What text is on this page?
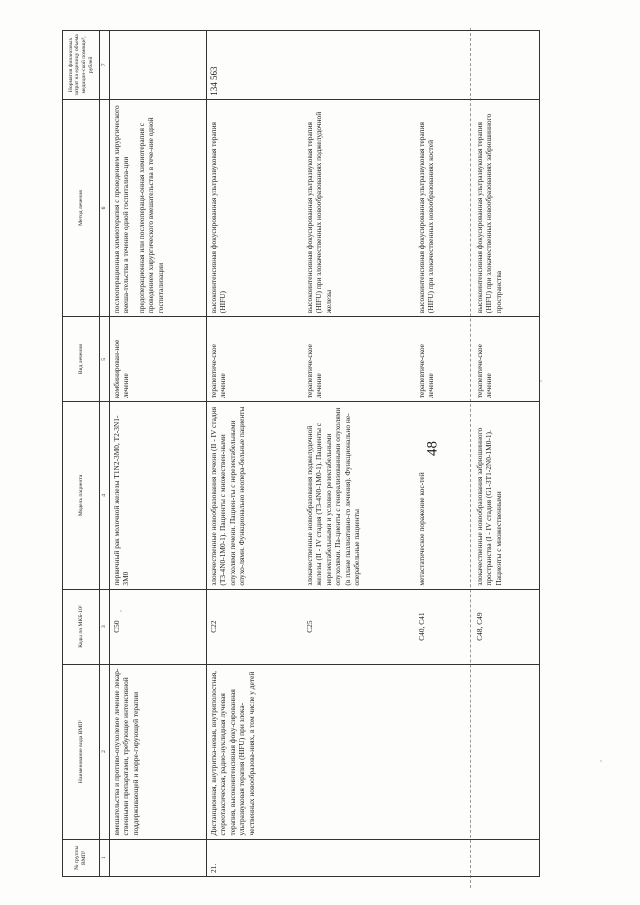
48
№ группы ВМП¹	Наименование вида ВМП¹	Коды по МКБ-10²	Модель пациента	Вид лечения	Метод лечения	Норматив финансовых затрат на единицу объема медицин-ской помощи³, рублей
1	2	3	4	5	6	7
	вмешательства и противо-опухолевое лечение лекар-ственными препаратами, требующее интенсивной поддерживающей и корре-гирующей терапии	C50	первичный рак молочной железы T1N2-3M0, T2-3N1-3M0	комбинирован-ное лечение	послеоперационная химиотерапия с проведением хирургического вмеша-тельства в течение одной госпитализа-ции предоперационная или послеопераци-онная химиотерапия с проведением хирургического вмешательства в тече-ние одной госпитализации	

21.	Дистанционная, внутритка-невая, внутриполостная, стереотаксическая, радио-нуклидная лучевая терапия, высокоинтенсивная фоку-сированная ультразвуковая терапия (HIFU) при злока-чественных новообразова-ниях, в том числе у детей	C22	злокачественные новообразования печени (II - IV стадия (T3-4N0-1M0-1). Пациенты с множествен-ными опухолями печени. Пациен-ты с нерезектабельными опухо-лями. Функционально неопера-бельные пациенты	терапевтиче-ское лечение	высокоинтенсивная фокусированная ультразвуковая терапия (HIFU)	134 563
		C25	злокачественные новообразования поджелудочной железы (II - IV стадия (T3-4N0-1M0-1). Пациенты с нерезектабельными и условно резектабельными опухолями. Па-циенты с генерализованными опухолями (в плане паллиативно-го лечения). Функционально не-операбельные пациенты	терапевтиче-ское лечение	высокоинтенсивная фокусированная ультразвуковая терапия (HIFU) при злокачественных новообразованиях поджелудочной железы	

		C40, C41	метастатическое поражение кос-тей	терапевтиче-ское лечение	высокоинтенсивная фокусированная ультразвуковая терапия (HIFU) при злокачественных новообразованиях костей	

		C48, C49	злокачественные новообразования забрюшинного пространства (I - IV стадия (G1-3T1-2N0-1M0-1). Пациенты с множественными	терапевтиче-ское лечение	высокоинтенсивная фокусированная ультразвуковая терапия (HIFU) при злокачественных новообразованиях забрюшинного пространства	
